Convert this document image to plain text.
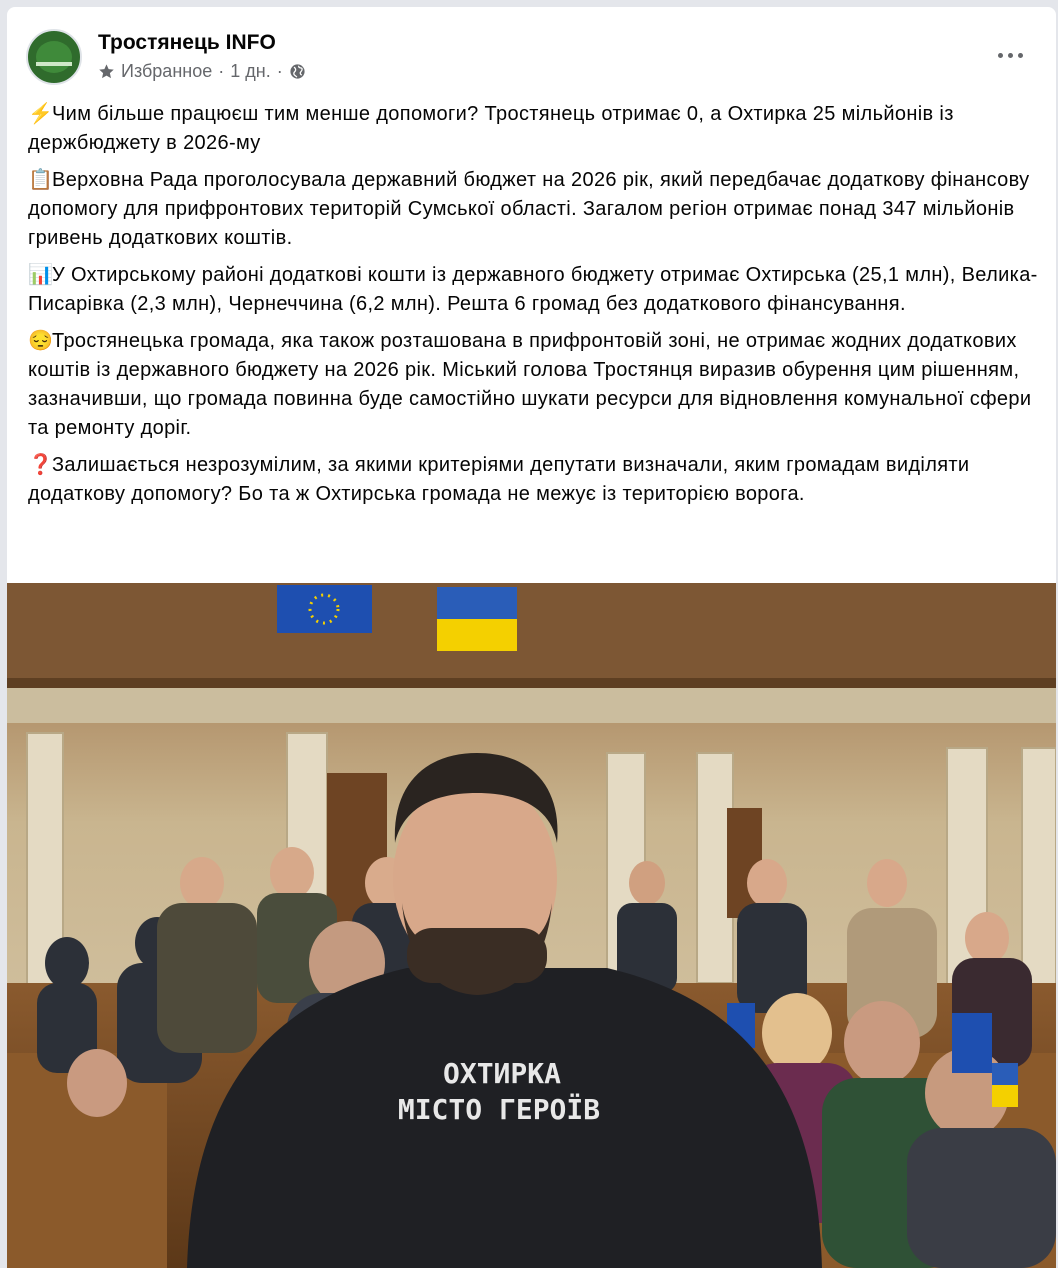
Тростянець INFO
Избранное · 1 дн. ·

⚡Чим більше працюєш тим менше допомоги? Тростянець отримає 0, а Охтирка 25 мільйонів із держбюджету в 2026-му

📋Верховна Рада проголосувала державний бюджет на 2026 рік, який передбачає додаткову фінансову допомогу для прифронтових територій Сумської області. Загалом регіон отримає понад 347 мільйонів гривень додаткових коштів.

📊У Охтирському районі додаткові кошти із державного бюджету отримає Охтирська (25,1 млн), Велика-Писарівка (2,3 млн), Чернеччина (6,2 млн). Решта 6 громад без додаткового фінансування.

😔Тростянецька громада, яка також розташована в прифронтовій зоні, не отримає жодних додаткових коштів із державного бюджету на 2026 рік. Міський голова Тростянця виразив обурення цим рішенням, зазначивши, що громада повинна буде самостійно шукати ресурси для відновлення комунальної сфери та ремонту доріг.

❓Залишається незрозумілим, за якими критеріями депутати визначали, яким громадам виділяти додаткову допомогу? Бо та ж Охтирська громада не межує із територією ворога.

ОХТИРКА
МІСТО ГЕРОЇВ
